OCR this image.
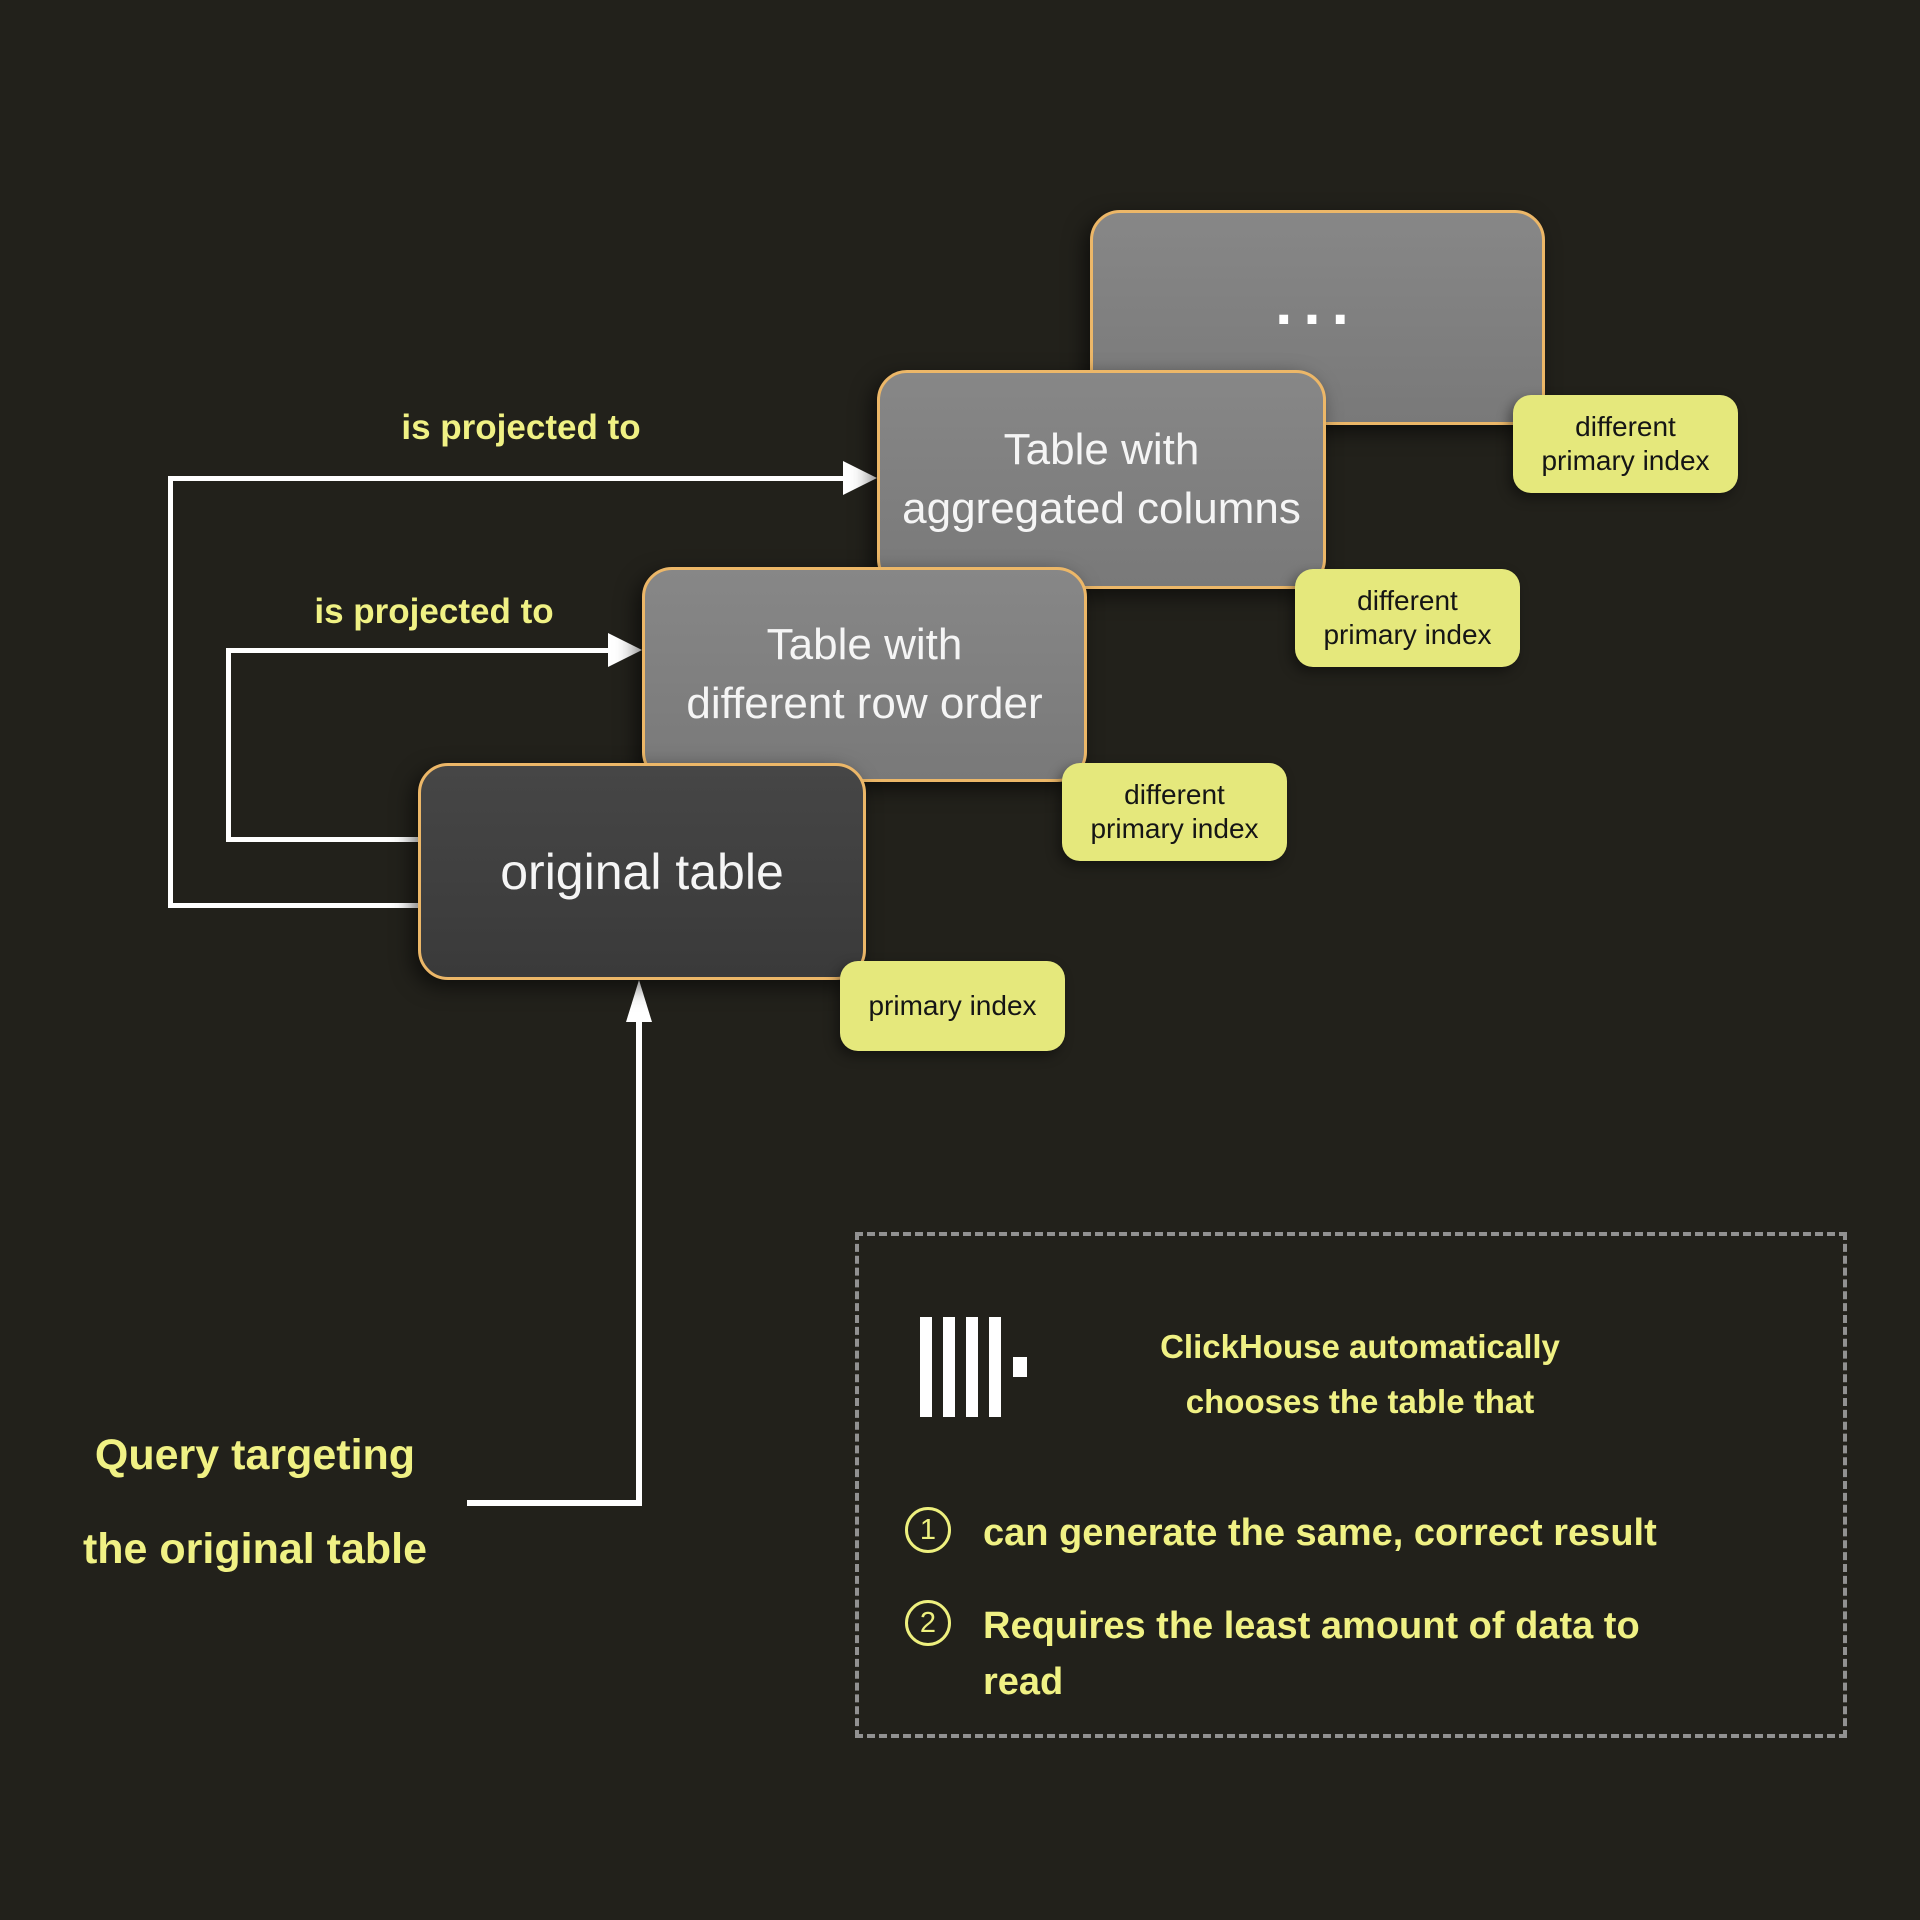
...
Table with
aggregated columns
Table with
different row order
original table
different
primary index
different
primary index
different
primary index
primary index
is projected to
is projected to
Query targeting
the original table
ClickHouse automatically
chooses the table that
1	can generate the same, correct result
2	Requires the least amount of data to read
